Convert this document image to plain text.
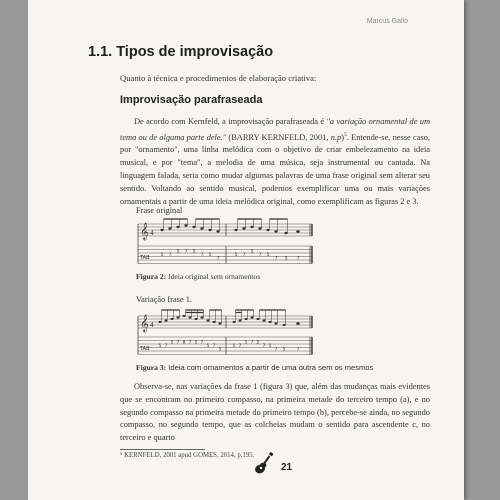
Marcus Gallo
1.1. Tipos de improvisação

Quanto à técnica e procedimentos de elaboração criativa:

Improvisação parafraseada

De acordo com Kernfeld, a improvisação parafraseada é "a variação ornamental de um tema ou de alguma parte dele." (BARRY KERNFELD, 2001, n.p)$^5$. Entende-se, nesse caso, por "ornamento", uma linha melódica com o objetivo de criar embelezamento na ideia musical, e por "tema", a melodia de uma música, seja instrumental ou cantada. Na linguagem falada, seria como mudar algumas palavras de uma frase original sem alterar seu sentido. Voltando ao sentido musical, podemos exemplificar uma ou mais variações ornamentais a partir de uma ideia melódica original, como exemplificam as figuras 2 e 3.

Frase original
𝄞 4
TAB 5 7
5 7 5
7 5
7
5 7
5
7 5
7 5 7

Figura 2: Ideia original sem ornamentos

Variação frase 1.
𝄞 4
TAB 5 7
5 7 8 7 5 7
5 7
5
5 7
5 7 5
7 5
7 5	7

Figura 3: Ideia com ornamentos a partir de uma outra sem os mesmos

Observa-se, nas variações da frase 1 (figura 3) que, além das mudanças mais evidentes que se encontram no primeiro compasso, na primeira metade do terceiro tempo (a), e no segundo compasso na primeira metade do primeiro tempo (b), percebe-se ainda, no segundo compasso, no segundo tempo, que as colcheias mudam o sentido para ascendente c, no terceiro e quarto

⁵ KERNFELD, 2001 apud GOMES, 2014, p.195.

21
